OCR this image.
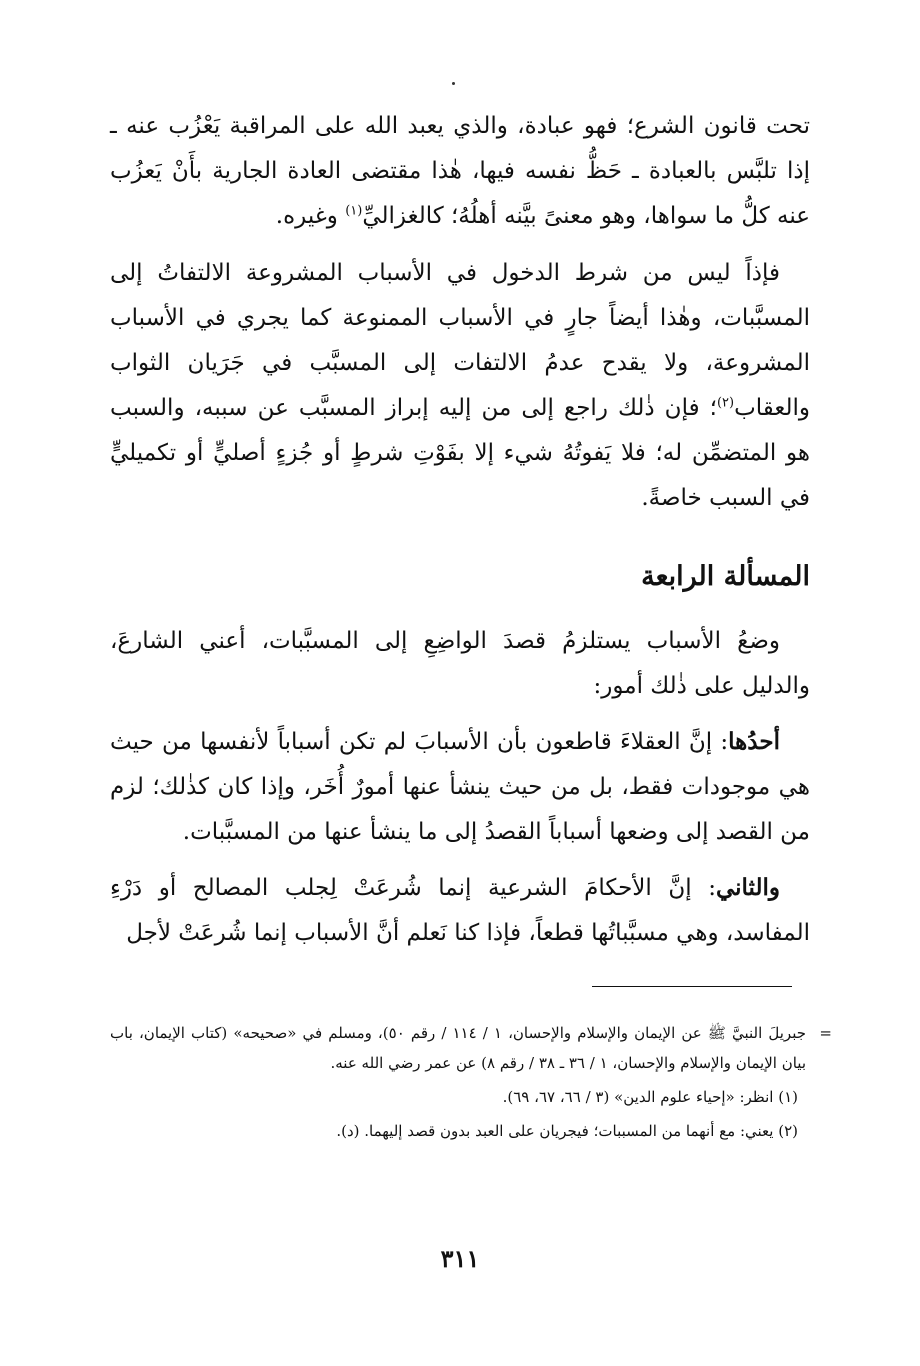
تحت قانون الشرع؛ فهو عبادة، والذي يعبد الله على المراقبة يَعْزُب عنه ـ إذا تلبَّس بالعبادة ـ حَظُّ نفسه فيها، هٰذا مقتضى العادة الجارية بأَنْ يَعزُب عنه كلُّ ما سواها، وهو معنىً بيَّنه أهلُهُ؛ كالغزاليِّ$^{(١)}$ وغيره.

فإذاً ليس من شرط الدخول في الأسباب المشروعة الالتفاتُ إلى المسبَّبات، وهٰذا أيضاً جارٍ في الأسباب الممنوعة كما يجري في الأسباب المشروعة، ولا يقدح عدمُ الالتفات إلى المسبَّب في جَرَيان الثواب والعقاب$^{(٢)}$؛ فإن ذٰلك راجع إلى من إليه إبراز المسبَّب عن سببه، والسبب هو المتضمِّن له؛ فلا يَفوتُهُ شيء إلا بفَوْتِ شرطٍ أو جُزءٍ أصليٍّ أو تكميليٍّ في السبب خاصةً.

المسألة الرابعة

وضعُ الأسباب يستلزمُ قصدَ الواضِعِ إلى المسبَّبات، أعني الشارعَ، والدليل على ذٰلك أمور:

أحدُها: إنَّ العقلاءَ قاطعون بأن الأسبابَ لم تكن أسباباً لأنفسها من حيث هي موجودات فقط، بل من حيث ينشأ عنها أمورٌ أُخَر، وإذا كان كذٰلك؛ لزم من القصد إلى وضعها أسباباً القصدُ إلى ما ينشأ عنها من المسبَّبات.

والثاني: إنَّ الأحكامَ الشرعية إنما شُرعَتْ لِجلب المصالح أو دَرْءِ المفاسد، وهي مسبَّباتُها قطعاً، فإذا كنا نَعلم أنَّ الأسباب إنما شُرعَتْ لأجل

=
جبريلَ النبيَّ ﷺ عن الإيمان والإسلام والإحسان، ١ / ١١٤ / رقم ٥٠)، ومسلم في «صحيحه» (كتاب الإيمان، باب بيان الإيمان والإسلام والإحسان، ١ / ٣٦ ـ ٣٨ / رقم ٨) عن عمر رضي الله عنه.

(١) انظر: «إحياء علوم الدين» (٣ / ٦٦، ٦٧، ٦٩).

(٢) يعني: مع أنهما من المسببات؛ فيجريان على العبد بدون قصد إليهما. (د).

٣١١
